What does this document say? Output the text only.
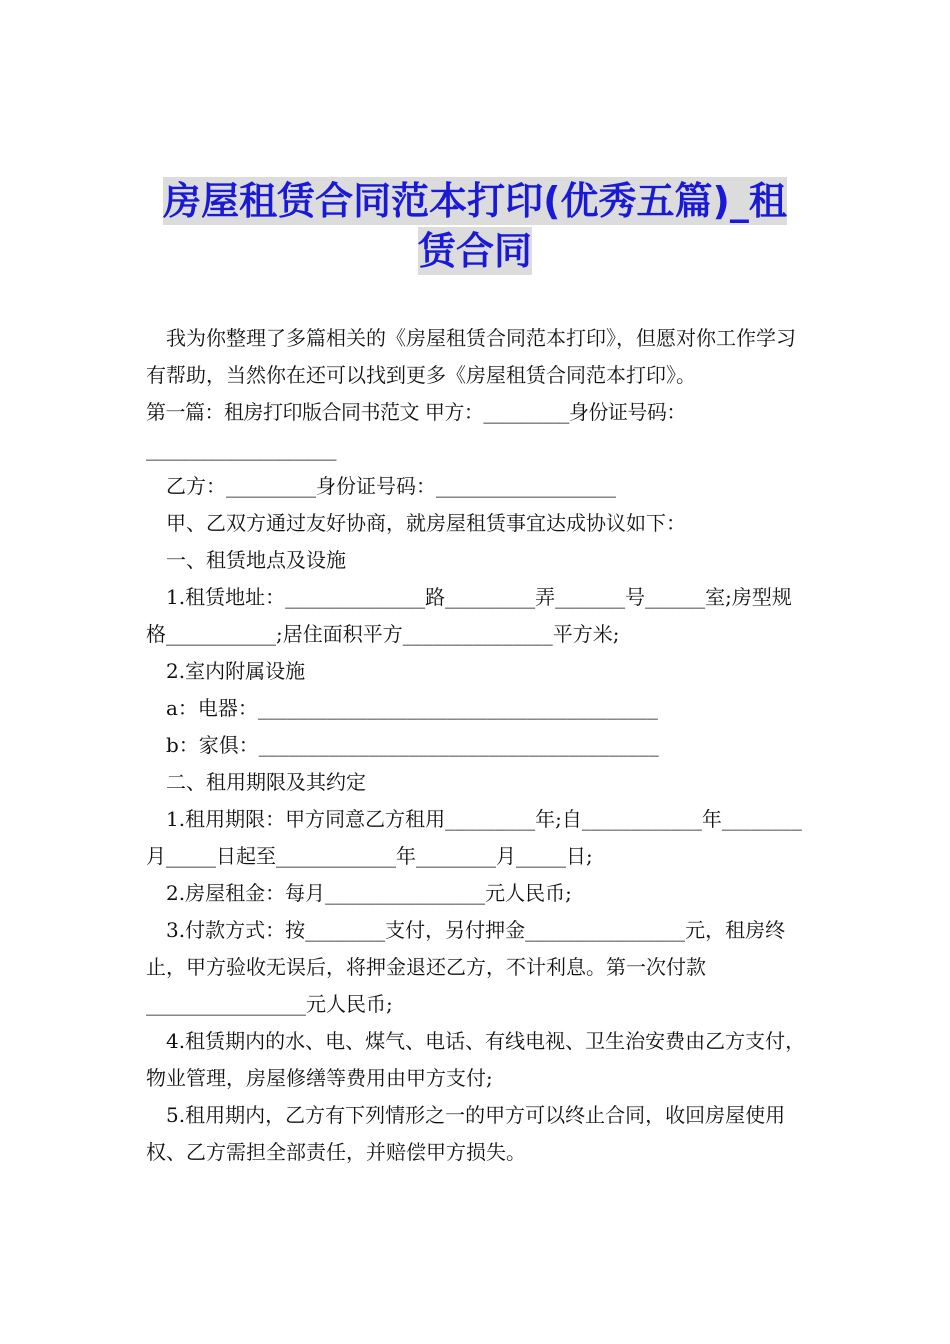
房屋租赁合同范本打印(优秀五篇)_租
赁合同

我为你整理了多篇相关的《房屋租赁合同范本打印》，但愿对你工作学习有帮助，当然你在还可以找到更多《房屋租赁合同范本打印》。

第一篇：租房打印版合同书范文 甲方：_________身份证号码：____________________

乙方：_________身份证号码：__________________

甲、乙双方通过友好协商，就房屋租赁事宜达成协议如下：

一、租赁地点及设施

1.租赁地址：______________路_________弄_______号______室;房型规格___________;居住面积平方_______________平方米;

2.室内附属设施

a：电器：________________________________________

b：家俱：________________________________________

二、租用期限及其约定

1.租用期限：甲方同意乙方租用_________年;自____________年________月_____日起至____________年________月_____日;

2.房屋租金：每月________________元人民币;

3.付款方式：按________支付，另付押金________________元，租房终止，甲方验收无误后，将押金退还乙方，不计利息。第一次付款________________元人民币;

4.租赁期内的水、电、煤气、电话、有线电视、卫生治安费由乙方支付，物业管理，房屋修缮等费用由甲方支付;

5.租用期内，乙方有下列情形之一的甲方可以终止合同，收回房屋使用权、乙方需担全部责任，并赔偿甲方损失。
